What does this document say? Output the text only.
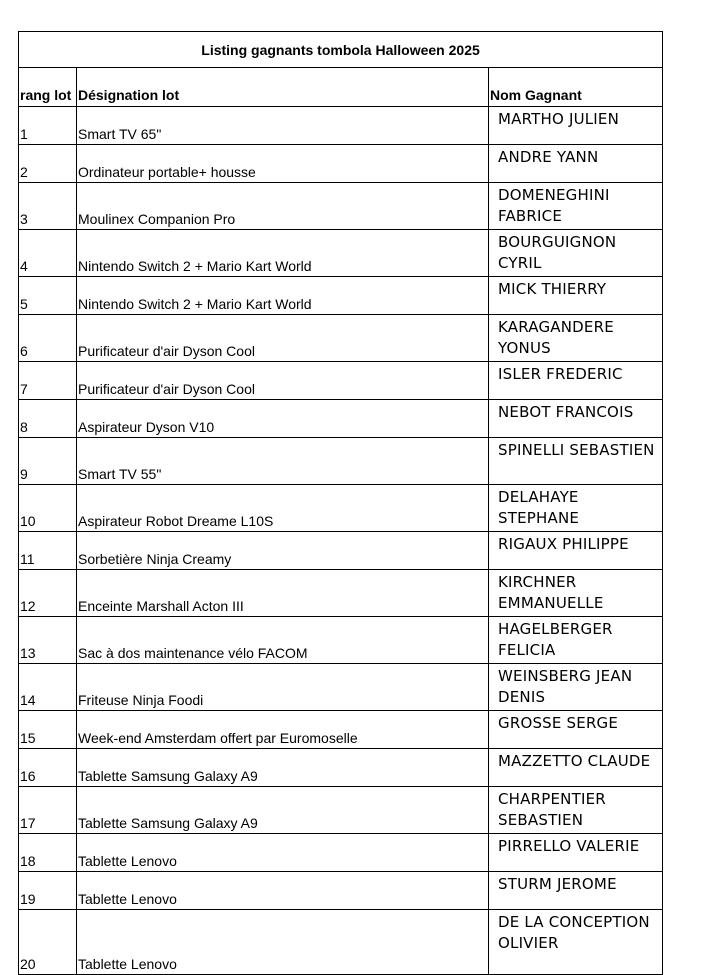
Listing gagnants tombola Halloween 2025		
rang lot	Désignation lot	Nom Gagnant
1	Smart TV 65"	MARTHO JULIEN
2	Ordinateur portable+ housse	ANDRE YANN
3	Moulinex Companion Pro	DOMENEGHINI FABRICE
4	Nintendo Switch 2 + Mario Kart World	BOURGUIGNON CYRIL
5	Nintendo Switch 2 + Mario Kart World	MICK THIERRY
6	Purificateur d'air Dyson Cool	KARAGANDERE YONUS
7	Purificateur d'air Dyson Cool	ISLER FREDERIC
8	Aspirateur Dyson V10	NEBOT FRANCOIS
9	Smart TV 55"	SPINELLI SEBASTIEN
10	Aspirateur Robot Dreame L10S	DELAHAYE STEPHANE
11	Sorbetière Ninja Creamy	RIGAUX PHILIPPE
12	Enceinte Marshall Acton III	KIRCHNER EMMANUELLE
13	Sac à dos maintenance vélo FACOM	HAGELBERGER FELICIA
14	Friteuse Ninja Foodi	WEINSBERG JEAN DENIS
15	Week-end Amsterdam offert par Euromoselle	GROSSE SERGE
16	Tablette Samsung Galaxy A9	MAZZETTO CLAUDE
17	Tablette Samsung Galaxy A9	CHARPENTIER SEBASTIEN
18	Tablette Lenovo	PIRRELLO VALERIE
19	Tablette Lenovo	STURM JEROME
20	Tablette Lenovo	DE LA CONCEPTION OLIVIER
